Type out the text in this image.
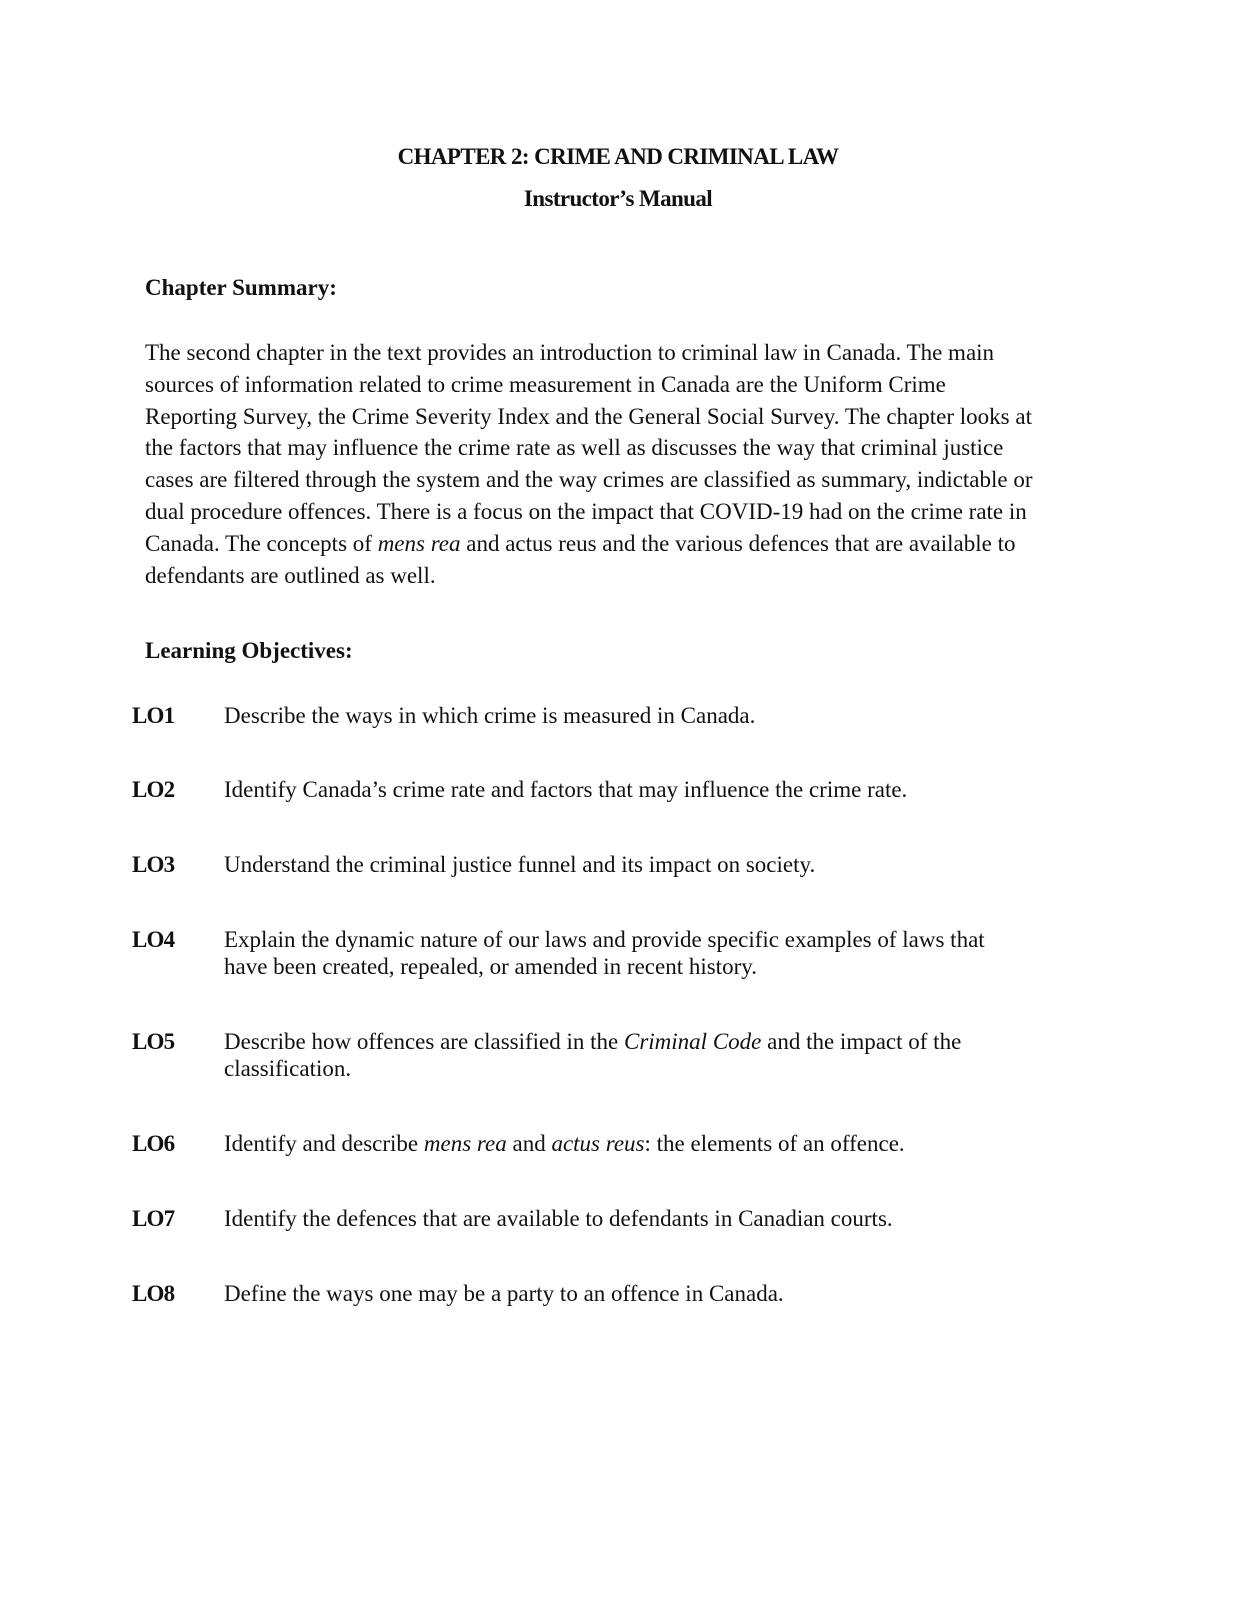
CHAPTER 2: CRIME AND CRIMINAL LAW
Instructor’s Manual
Chapter Summary:

The second chapter in the text provides an introduction to criminal law in Canada. The main
sources of information related to crime measurement in Canada are the Uniform Crime
Reporting Survey, the Crime Severity Index and the General Social Survey. The chapter looks at
the factors that may influence the crime rate as well as discusses the way that criminal justice
cases are filtered through the system and the way crimes are classified as summary, indictable or
dual procedure offences. There is a focus on the impact that COVID-19 had on the crime rate in
Canada. The concepts of mens rea and actus reus and the various defences that are available to
defendants are outlined as well.

Learning Objectives:
LO1 Describe the ways in which crime is measured in Canada.
LO2 Identify Canada’s crime rate and factors that may influence the crime rate.
LO3 Understand the criminal justice funnel and its impact on society.
LO4 Explain the dynamic nature of our laws and provide specific examples of laws that
have been created, repealed, or amended in recent history.
LO5 Describe how offences are classified in the Criminal Code and the impact of the
classification.
LO6 Identify and describe mens rea and actus reus: the elements of an offence.
LO7 Identify the defences that are available to defendants in Canadian courts.
LO8 Define the ways one may be a party to an offence in Canada.
